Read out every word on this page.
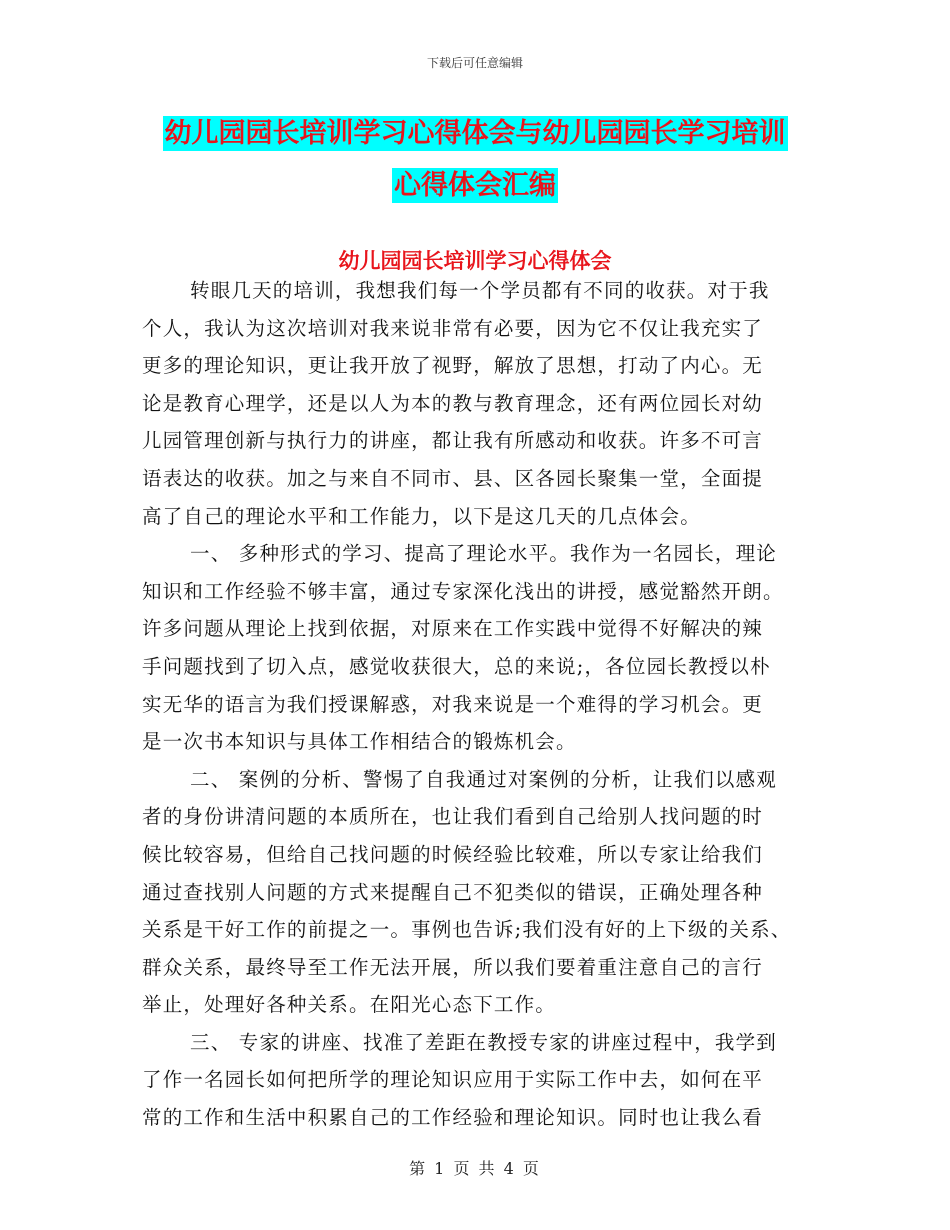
下载后可任意编辑
幼儿园园长培训学习心得体会与幼儿园园长学习培训
心得体会汇编
幼儿园园长培训学习心得体会
转眼几天的培训，我想我们每一个学员都有不同的收获。对于我
个人，我认为这次培训对我来说非常有必要，因为它不仅让我充实了
更多的理论知识，更让我开放了视野，解放了思想，打动了内心。无
论是教育心理学，还是以人为本的教与教育理念，还有两位园长对幼
儿园管理创新与执行力的讲座，都让我有所感动和收获。许多不可言
语表达的收获。加之与来自不同市、县、区各园长聚集一堂，全面提
高了自己的理论水平和工作能力，以下是这几天的几点体会。
一、 多种形式的学习、提高了理论水平。我作为一名园长，理论
知识和工作经验不够丰富，通过专家深化浅出的讲授，感觉豁然开朗。
许多问题从理论上找到依据，对原来在工作实践中觉得不好解决的辣
手问题找到了切入点，感觉收获很大，总的来说;，各位园长教授以朴
实无华的语言为我们授课解惑，对我来说是一个难得的学习机会。更
是一次书本知识与具体工作相结合的锻炼机会。
二、 案例的分析、警惕了自我通过对案例的分析，让我们以感观
者的身份讲清问题的本质所在，也让我们看到自己给别人找问题的时
候比较容易，但给自己找问题的时候经验比较难，所以专家让给我们
通过查找别人问题的方式来提醒自己不犯类似的错误，正确处理各种
关系是干好工作的前提之一。事例也告诉;我们没有好的上下级的关系、
群众关系，最终导至工作无法开展，所以我们要着重注意自己的言行
举止，处理好各种关系。在阳光心态下工作。
三、 专家的讲座、找准了差距在教授专家的讲座过程中，我学到
了作一名园长如何把所学的理论知识应用于实际工作中去，如何在平
常的工作和生活中积累自己的工作经验和理论知识。同时也让我么看
第 1 页 共 4 页
